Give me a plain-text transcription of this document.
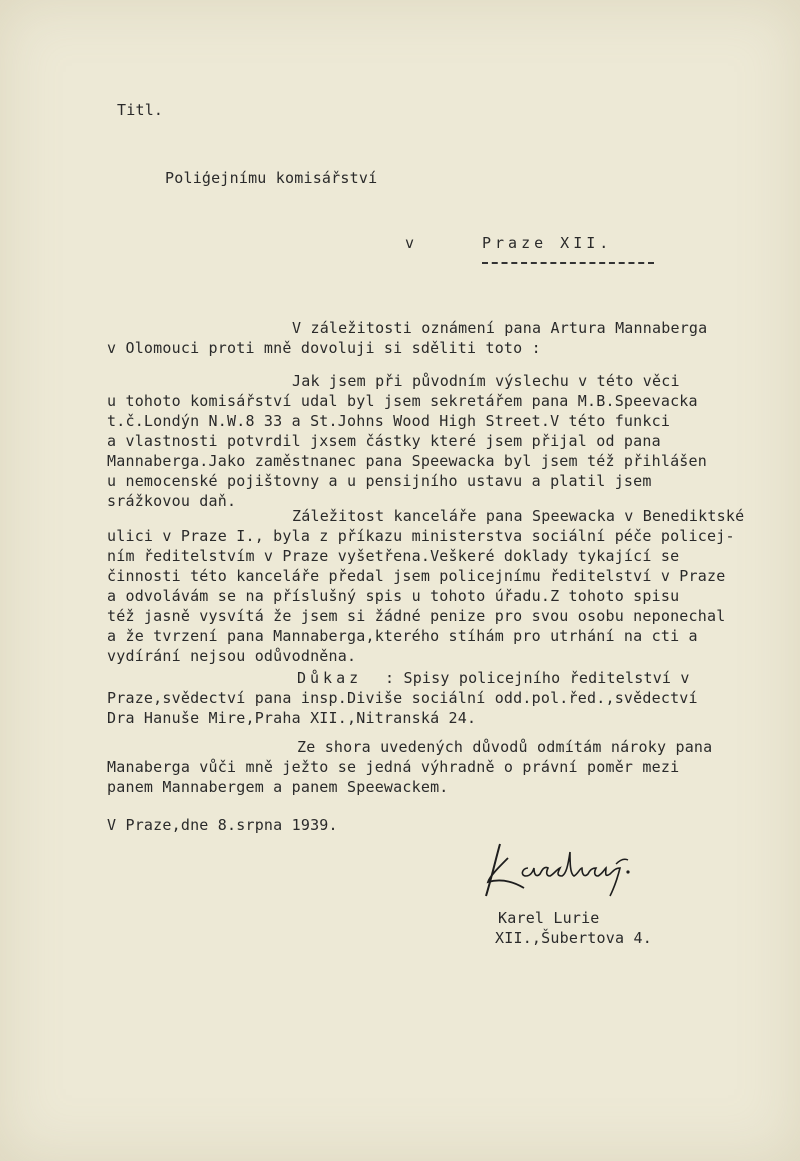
Titl.
Poliģejnímu komisářství
v	Praze XII.
V záležitosti oznámení pana Artura Mannaberga
v Olomouci proti mně dovoluji si sděliti toto :
Jak jsem při původním výslechu v této věci
u tohoto komisářství udal byl jsem sekretářem pana M.B.Speevacka
t.č.Londýn N.W.8 33 a St.Johns Wood High Street.V této funkci
a vlastnosti potvrdil jxsem částky které jsem přijal od pana
Mannaberga.Jako zaměstnanec pana Speewacka byl jsem též přihlášen
u nemocenské pojištovny a u pensijního ustavu a platil jsem
srážkovou daň.
Záležitost kanceláře pana Speewacka v Benediktské
ulici v Praze I., byla z příkazu ministerstva sociální péče policej-
ním ředitelstvím v Praze vyšetřena.Veškeré doklady tykající se
činnosti této kanceláře předal jsem policejnímu ředitelství v Praze
a odvolávám se na příslušný spis u tohoto úřadu.Z tohoto spisu
též jasně vysvítá že jsem si žádné penize pro svou osobu neponechal
a že tvrzení pana Mannaberga,kterého stíhám pro utrhání na cti a
vydírání nejsou odůvodněna.
Důkaz : Spisy policejního ředitelství v
Praze,svědectví pana insp.Diviše sociální odd.pol.řed.,svědectví
Dra Hanuše Mire,Praha XII.,Nitranská 24.
Ze shora uvedených důvodů odmítám nároky pana
Manaberga vůči mně ježto se jedná výhradně o právní poměr mezi
panem Mannabergem a panem Speewackem.
V Praze,dne 8.srpna 1939.
Karel Lurie
XII.,Šubertova 4.
